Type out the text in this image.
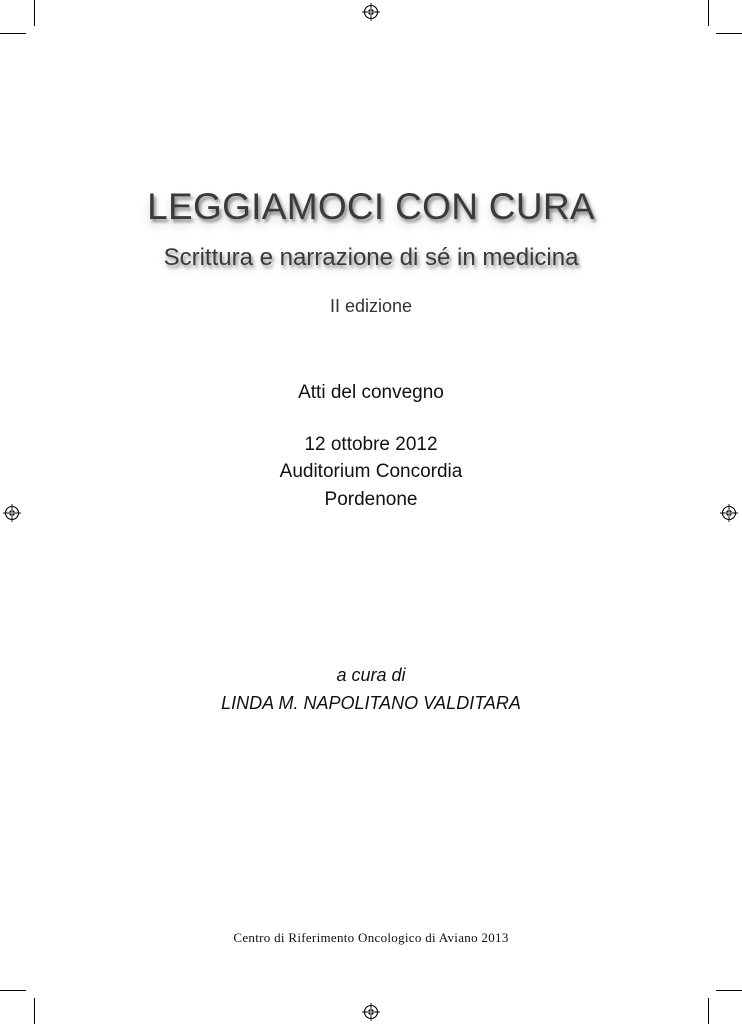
LEGGIAMOCI CON CURA
Scrittura e narrazione di sé in medicina
II edizione
Atti del convegno
12 ottobre 2012
Auditorium Concordia
Pordenone
a cura di
LINDA M. NAPOLITANO VALDITARA
Centro di Riferimento Oncologico di Aviano 2013
